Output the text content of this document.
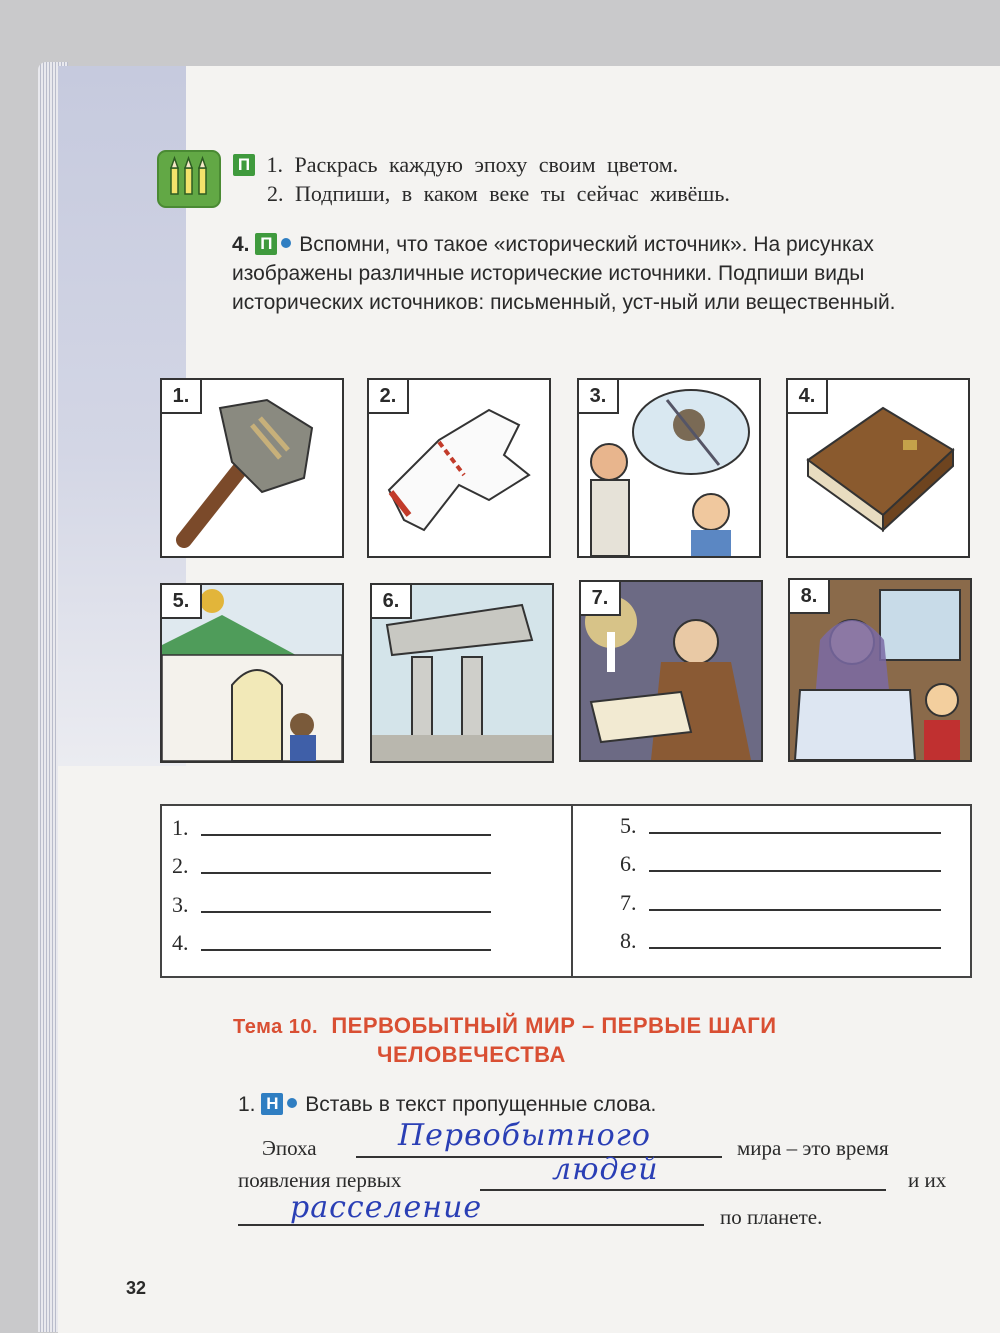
П 1. Раскрась каждую эпоху своим цветом.
2. Подпиши, в каком веке ты сейчас живёшь.
4. П Вспомни, что такое «исторический источник». На рисунках изображены различные исторические источники. Подпиши виды исторических источников: письменный, уст-ный или вещественный.
1.	2.	3.	4.
5.	6.	7.	8.
1.
2.
3.
4.
5.
6.
7.
8.
Тема 10. ПЕРВОБЫТНЫЙ МИР – ПЕРВЫЕ ШАГИ
ЧЕЛОВЕЧЕСТВА
1. Н Вставь в текст пропущенные слова.
Эпоха	мира – это время
появления первых	и их
по планете.
Первобытного
людей
расселение
32
